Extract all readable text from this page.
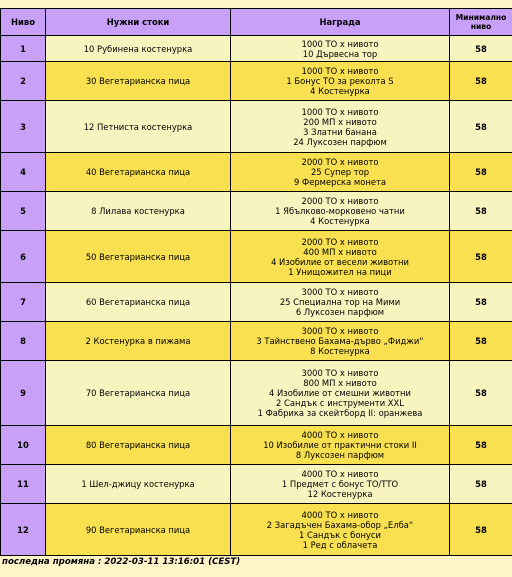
Ниво	Нужни стоки	Награда	Минимално ниво
1	10 Рубинена костенурка	1000 ТО x нивото
10 Дървесна тор	58
2	30 Вегетарианска пица	1000 ТО x нивото
1 Бонус ТО за реколта S
4 Костенурка	58
3	12 Петниста костенурка	1000 ТО x нивото
200 МП x нивото
3 Златни банана
24 Луксозен парфюм	58
4	40 Вегетарианска пица	2000 ТО x нивото
25 Супер тор
9 Фермерска монета	58
5	8 Лилава костенурка	2000 ТО x нивото
1 Ябълково-морковено чатни
4 Костенурка	58
6	50 Вегетарианска пица	2000 ТО x нивото
400 МП x нивото
4 Изобилие от весели животни
1 Унищожител на пици	58
7	60 Вегетарианска пица	3000 ТО x нивото
25 Специална тор на Мими
6 Луксозен парфюм	58
8	2 Костенурка в пижама	3000 ТО x нивото
3 Тайнствено Бахама-дърво „Фиджи“
8 Костенурка	58
9	70 Вегетарианска пица	3000 ТО x нивото
800 МП x нивото
4 Изобилие от смешни животни
2 Сандък с инструменти XXL
1 Фабрика за скейтборд II: оранжева	58
10	80 Вегетарианска пица	4000 ТО x нивото
10 Изобилие от практични стоки II
8 Луксозен парфюм	58
11	1 Шел-джицу костенурка	4000 ТО x нивото
1 Предмет с бонус ТО/ТТО
12 Костенурка	58
12	90 Вегетарианска пица	4000 ТО x нивото
2 Загадъчен Бахама-обор „Елба“
1 Сандък с бонуси
1 Ред с облачета	58
последна промяна : 2022-03-11 13:16:01 (CEST)
